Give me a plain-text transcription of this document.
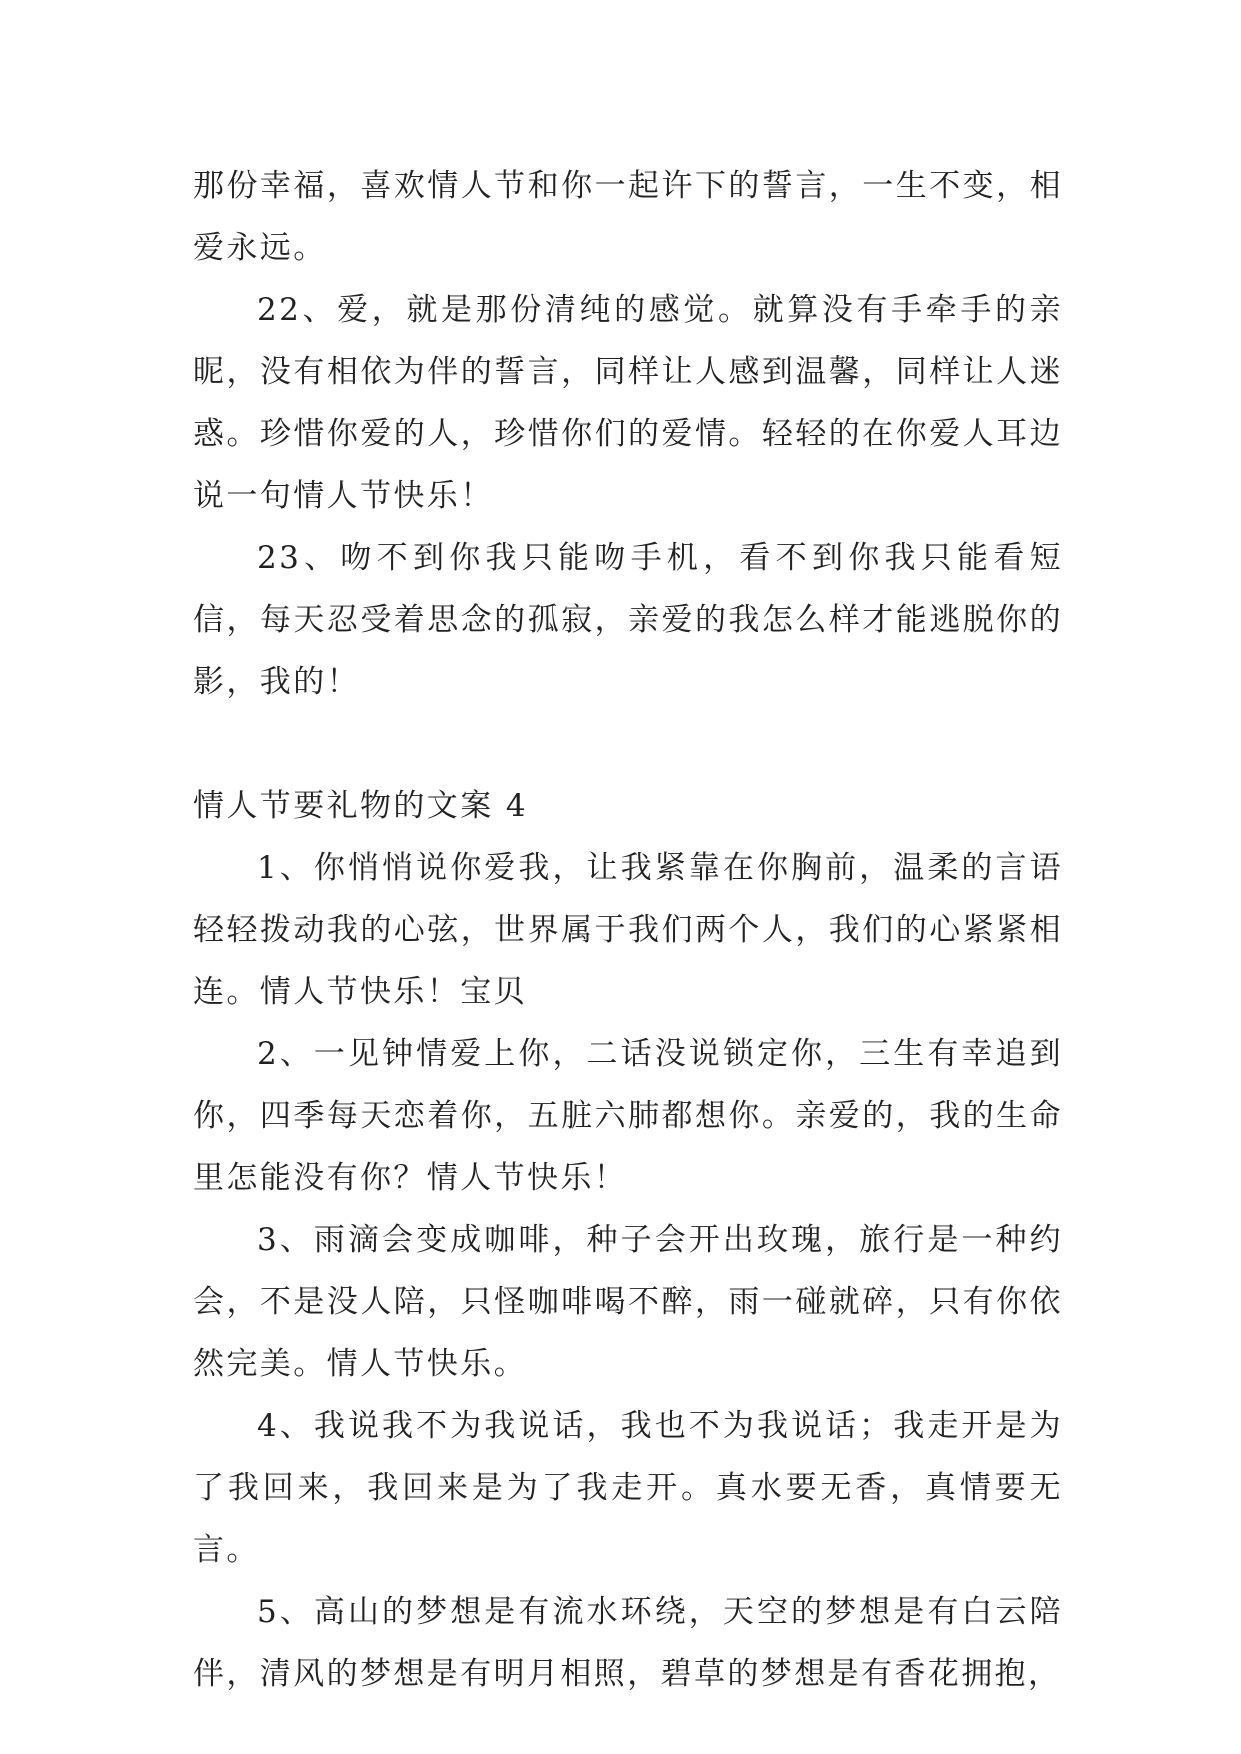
那份幸福，喜欢情人节和你一起许下的誓言，一生不变，相爱永远。

22、爱，就是那份清纯的感觉。就算没有手牵手的亲昵，没有相依为伴的誓言，同样让人感到温馨，同样让人迷惑。珍惜你爱的人，珍惜你们的爱情。轻轻的在你爱人耳边说一句情人节快乐！

23、吻不到你我只能吻手机，看不到你我只能看短信，每天忍受着思念的孤寂，亲爱的我怎么样才能逃脱你的影，我的！

情人节要礼物的文案 4

1、你悄悄说你爱我，让我紧靠在你胸前，温柔的言语轻轻拨动我的心弦，世界属于我们两个人，我们的心紧紧相连。情人节快乐！宝贝

2、一见钟情爱上你，二话没说锁定你，三生有幸追到你，四季每天恋着你，五脏六肺都想你。亲爱的，我的生命里怎能没有你？情人节快乐！

3、雨滴会变成咖啡，种子会开出玫瑰，旅行是一种约会，不是没人陪，只怪咖啡喝不醉，雨一碰就碎，只有你依然完美。情人节快乐。

4、我说我不为我说话，我也不为我说话；我走开是为了我回来，我回来是为了我走开。真水要无香，真情要无言。

5、高山的梦想是有流水环绕，天空的梦想是有白云陪伴，清风的梦想是有明月相照，碧草的梦想是有香花拥抱，
